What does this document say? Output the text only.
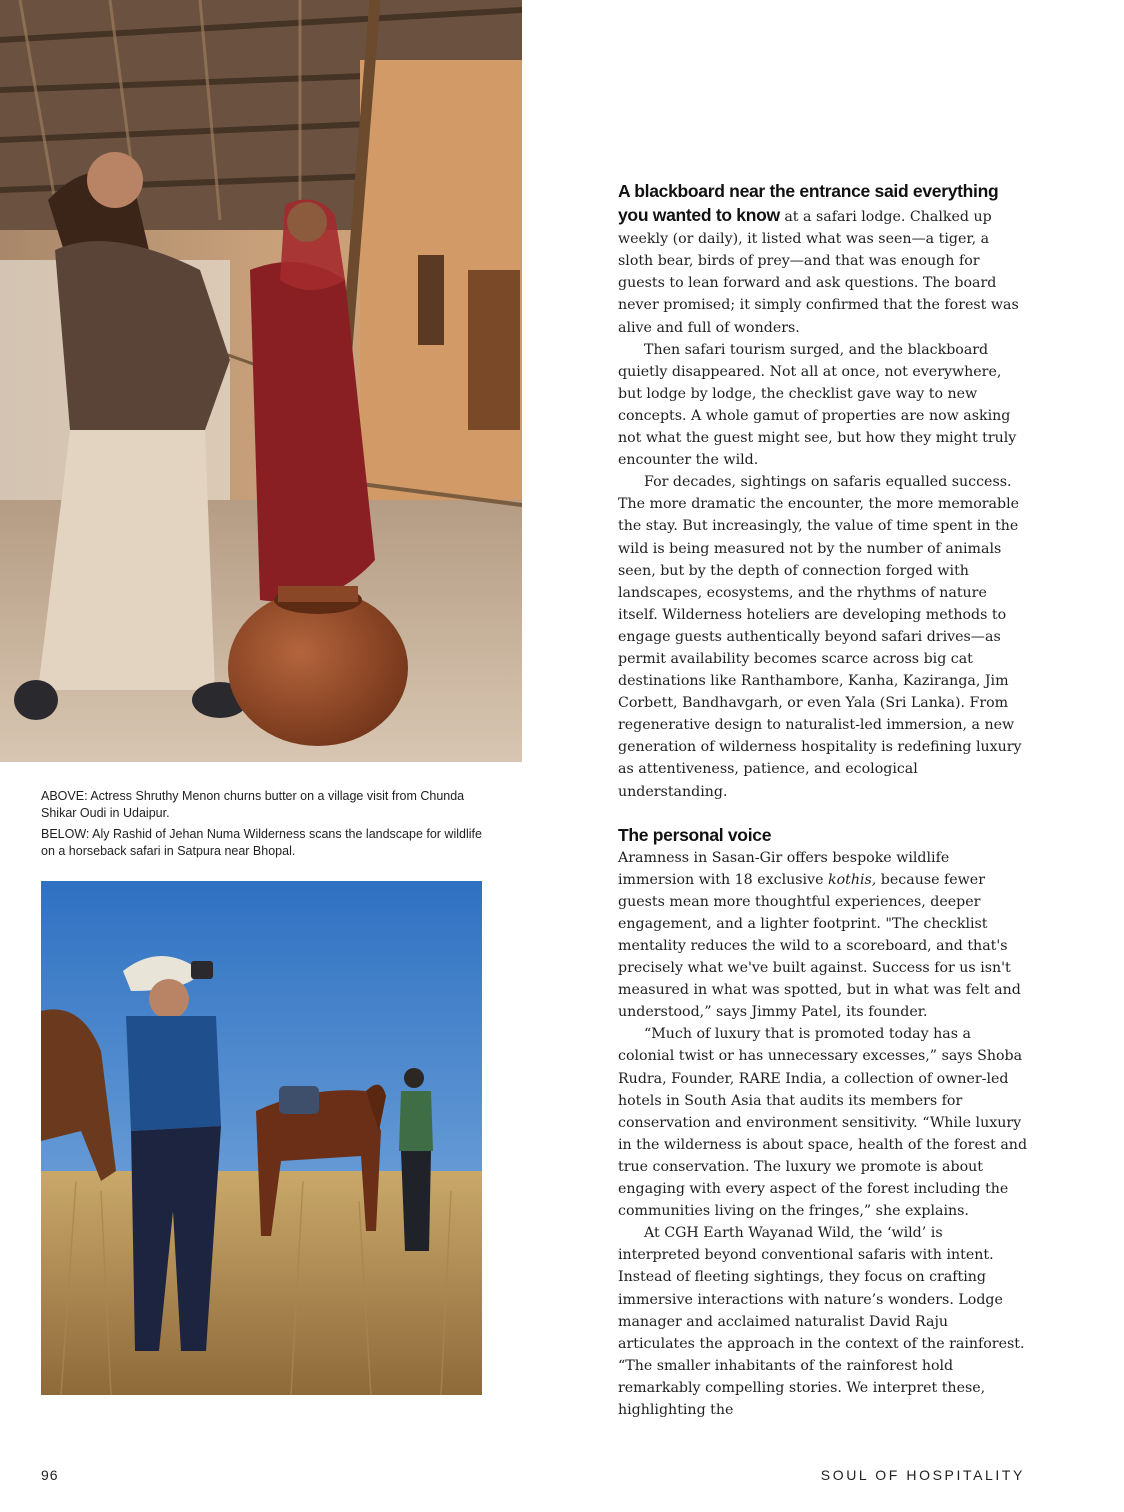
ABOVE: Actress Shruthy Menon churns butter on a village visit from Chunda Shikar Oudi in Udaipur.

BELOW: Aly Rashid of Jehan Numa Wilderness scans the landscape for wildlife on a horseback safari in Satpura near Bhopal.

A blackboard near the entrance said everything you wanted to know at a safari lodge. Chalked up weekly (or daily), it listed what was seen—a tiger, a sloth bear, birds of prey—and that was enough for guests to lean forward and ask questions. The board never promised; it simply confirmed that the forest was alive and full of wonders.

Then safari tourism surged, and the blackboard quietly disappeared. Not all at once, not everywhere, but lodge by lodge, the checklist gave way to new concepts. A whole gamut of properties are now asking not what the guest might see, but how they might truly encounter the wild.

For decades, sightings on safaris equalled success. The more dramatic the encounter, the more memorable the stay. But increasingly, the value of time spent in the wild is being measured not by the number of animals seen, but by the depth of connection forged with landscapes, ecosystems, and the rhythms of nature itself. Wilderness hoteliers are developing methods to engage guests authentically beyond safari drives—as permit availability becomes scarce across big cat destinations like Ranthambore, Kanha, Kaziranga, Jim Corbett, Bandhavgarh, or even Yala (Sri Lanka). From regenerative design to naturalist-led immersion, a new generation of wilderness hospitality is redefining luxury as attentiveness, patience, and ecological understanding.

The personal voice

Aramness in Sasan-Gir offers bespoke wildlife immersion with 18 exclusive kothis, because fewer guests mean more thoughtful experiences, deeper engagement, and a lighter footprint. "The checklist mentality reduces the wild to a scoreboard, and that's precisely what we've built against. Success for us isn't measured in what was spotted, but in what was felt and understood,” says Jimmy Patel, its founder.

“Much of luxury that is promoted today has a colonial twist or has unnecessary excesses,” says Shoba Rudra, Founder, RARE India, a collection of owner-led hotels in South Asia that audits its members for conservation and environment sensitivity. “While luxury in the wilderness is about space, health of the forest and true conservation. The luxury we promote is about engaging with every aspect of the forest including the communities living on the fringes,” she explains.

At CGH Earth Wayanad Wild, the ‘wild’ is interpreted beyond conventional safaris with intent. Instead of fleeting sightings, they focus on crafting immersive interactions with nature’s wonders. Lodge manager and acclaimed naturalist David Raju articulates the approach in the context of the rainforest. “The smaller inhabitants of the rainforest hold remarkably compelling stories. We interpret these, highlighting the

96	SOUL OF HOSPITALITY
